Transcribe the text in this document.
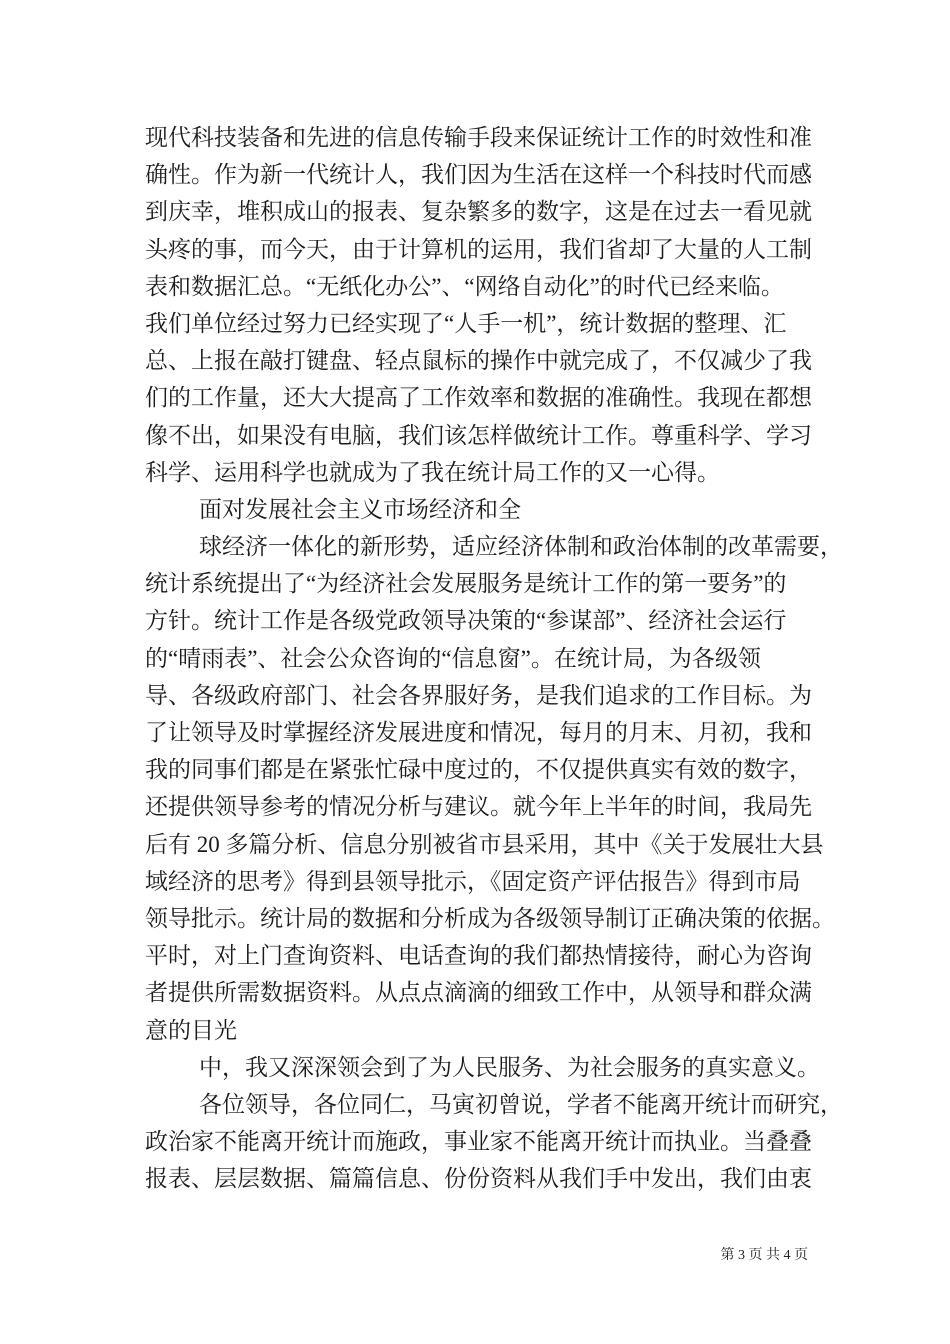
现代科技装备和先进的信息传输手段来保证统计工作的时效性和准
确性。作为新一代统计人，我们因为生活在这样一个科技时代而感
到庆幸，堆积成山的报表、复杂繁多的数字，这是在过去一看见就
头疼的事，而今天，由于计算机的运用，我们省却了大量的人工制
表和数据汇总。“无纸化办公”、“网络自动化”的时代已经来临。
我们单位经过努力已经实现了“人手一机”，统计数据的整理、汇
总、上报在敲打键盘、轻点鼠标的操作中就完成了，不仅减少了我
们的工作量，还大大提高了工作效率和数据的准确性。我现在都想
像不出，如果没有电脑，我们该怎样做统计工作。尊重科学、学习
科学、运用科学也就成为了我在统计局工作的又一心得。
面对发展社会主义市场经济和全
球经济一体化的新形势，适应经济体制和政治体制的改革需要，
统计系统提出了“为经济社会发展服务是统计工作的第一要务”的
方针。统计工作是各级党政领导决策的“参谋部”、经济社会运行
的“晴雨表”、社会公众咨询的“信息窗”。在统计局，为各级领
导、各级政府部门、社会各界服好务，是我们追求的工作目标。为
了让领导及时掌握经济发展进度和情况，每月的月末、月初，我和
我的同事们都是在紧张忙碌中度过的，不仅提供真实有效的数字，
还提供领导参考的情况分析与建议。就今年上半年的时间，我局先
后有 20 多篇分析、信息分别被省市县采用，其中《关于发展壮大县
域经济的思考》得到县领导批示，《固定资产评估报告》得到市局
领导批示。统计局的数据和分析成为各级领导制订正确决策的依据。
平时，对上门查询资料、电话查询的我们都热情接待，耐心为咨询
者提供所需数据资料。从点点滴滴的细致工作中，从领导和群众满
意的目光
中，我又深深领会到了为人民服务、为社会服务的真实意义。
各位领导，各位同仁，马寅初曾说，学者不能离开统计而研究，
政治家不能离开统计而施政，事业家不能离开统计而执业。当叠叠
报表、层层数据、篇篇信息、份份资料从我们手中发出，我们由衷
第 3 页 共 4 页
